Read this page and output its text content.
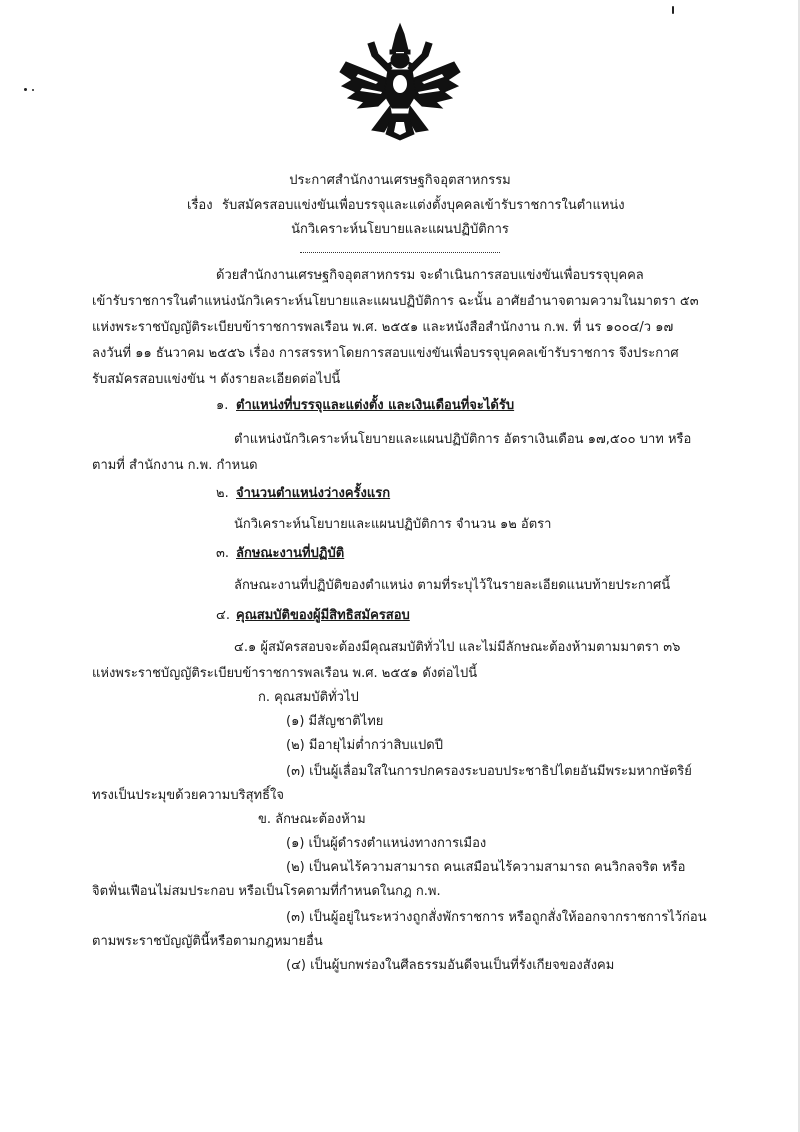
ประกาศสำนักงานเศรษฐกิจอุตสาหกรรม
เรื่อง รับสมัครสอบแข่งขันเพื่อบรรจุและแต่งตั้งบุคคลเข้ารับราชการในตำแหน่ง
นักวิเคราะห์นโยบายและแผนปฏิบัติการ
ด้วยสำนักงานเศรษฐกิจอุตสาหกรรม จะดำเนินการสอบแข่งขันเพื่อบรรจุบุคคล
เข้ารับราชการในตำแหน่งนักวิเคราะห์นโยบายและแผนปฏิบัติการ ฉะนั้น อาศัยอำนาจตามความในมาตรา ๕๓
แห่งพระราชบัญญัติระเบียบข้าราชการพลเรือน พ.ศ. ๒๕๕๑ และหนังสือสำนักงาน ก.พ. ที่ นร ๑๐๐๔/ว ๑๗
ลงวันที่ ๑๑ ธันวาคม ๒๕๕๖ เรื่อง การสรรหาโดยการสอบแข่งขันเพื่อบรรจุบุคคลเข้ารับราชการ จึงประกาศ
รับสมัครสอบแข่งขัน ฯ ดังรายละเอียดต่อไปนี้
๑. ตำแหน่งที่บรรจุและแต่งตั้ง และเงินเดือนที่จะได้รับ
ตำแหน่งนักวิเคราะห์นโยบายและแผนปฏิบัติการ อัตราเงินเดือน ๑๗,๕๐๐ บาท หรือ
ตามที่ สำนักงาน ก.พ. กำหนด
๒. จำนวนตำแหน่งว่างครั้งแรก
นักวิเคราะห์นโยบายและแผนปฏิบัติการ จำนวน ๑๒ อัตรา
๓. ลักษณะงานที่ปฏิบัติ
ลักษณะงานที่ปฏิบัติของตำแหน่ง ตามที่ระบุไว้ในรายละเอียดแนบท้ายประกาศนี้
๔. คุณสมบัติของผู้มีสิทธิสมัครสอบ
๔.๑ ผู้สมัครสอบจะต้องมีคุณสมบัติทั่วไป และไม่มีลักษณะต้องห้ามตามมาตรา ๓๖
แห่งพระราชบัญญัติระเบียบข้าราชการพลเรือน พ.ศ. ๒๕๕๑ ดังต่อไปนี้
ก. คุณสมบัติทั่วไป
(๑) มีสัญชาติไทย
(๒) มีอายุไม่ต่ำกว่าสิบแปดปี
(๓) เป็นผู้เลื่อมใสในการปกครองระบอบประชาธิปไตยอันมีพระมหากษัตริย์
ทรงเป็นประมุขด้วยความบริสุทธิ์ใจ
ข. ลักษณะต้องห้าม
(๑) เป็นผู้ดำรงตำแหน่งทางการเมือง
(๒) เป็นคนไร้ความสามารถ คนเสมือนไร้ความสามารถ คนวิกลจริต หรือ
จิตฟั่นเฟือนไม่สมประกอบ หรือเป็นโรคตามที่กำหนดในกฎ ก.พ.
(๓) เป็นผู้อยู่ในระหว่างถูกสั่งพักราชการ หรือถูกสั่งให้ออกจากราชการไว้ก่อน
ตามพระราชบัญญัตินี้หรือตามกฎหมายอื่น
(๔) เป็นผู้บกพร่องในศีลธรรมอันดีจนเป็นที่รังเกียจของสังคม
